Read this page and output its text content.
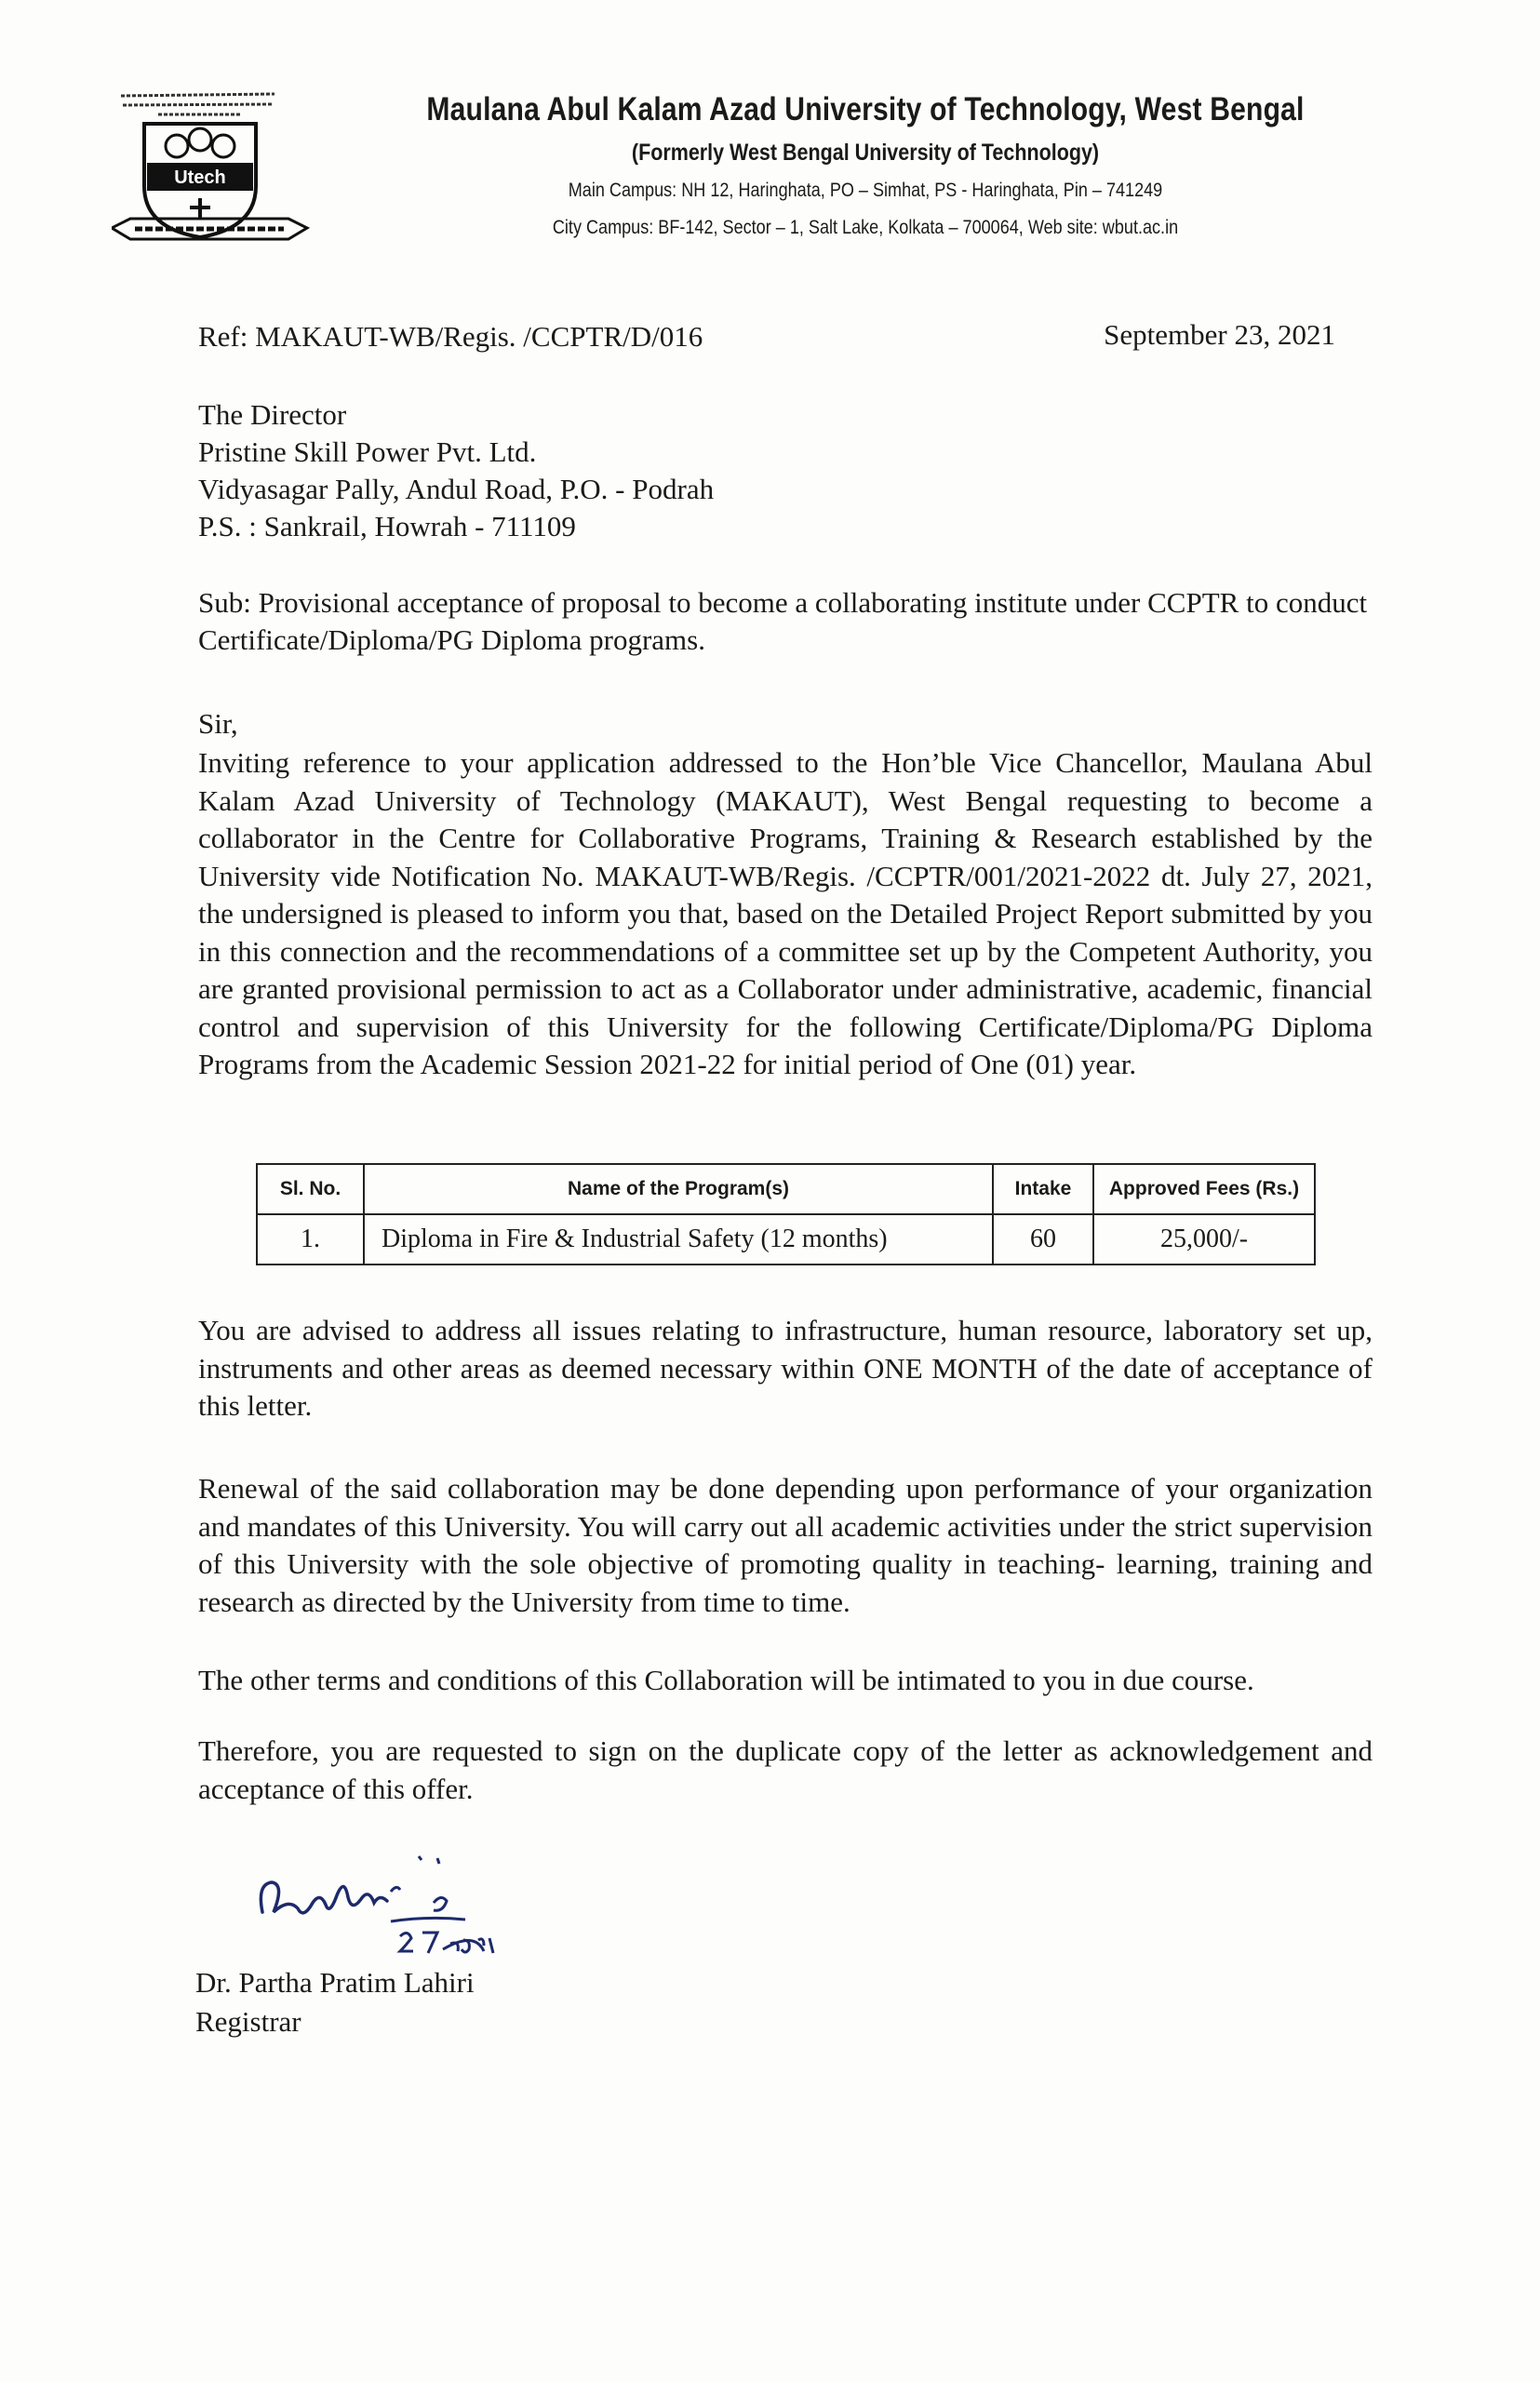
Utech
Maulana Abul Kalam Azad University of Technology, West Bengal
(Formerly West Bengal University of Technology)
Main Campus: NH 12, Haringhata, PO – Simhat, PS - Haringhata, Pin – 741249
City Campus: BF-142, Sector – 1, Salt Lake, Kolkata – 700064, Web site: wbut.ac.in
Ref: MAKAUT-WB/Regis. /CCPTR/D/016	September 23, 2021
The Director
Pristine Skill Power Pvt. Ltd.
Vidyasagar Pally, Andul Road, P.O. - Podrah
P.S. : Sankrail, Howrah - 711109
Sub: Provisional acceptance of proposal to become a collaborating institute under CCPTR to conduct Certificate/Diploma/PG Diploma programs.
Sir,
Inviting reference to your application addressed to the Hon’ble Vice Chancellor, Maulana Abul Kalam Azad University of Technology (MAKAUT), West Bengal requesting to become a collaborator in the Centre for Collaborative Programs, Training & Research established by the University vide Notification No. MAKAUT-WB/Regis. /CCPTR/001/2021-2022 dt. July 27, 2021, the undersigned is pleased to inform you that, based on the Detailed Project Report submitted by you in this connection and the recommendations of a committee set up by the Competent Authority, you are granted provisional permission to act as a Collaborator under administrative, academic, financial control and supervision of this University for the following Certificate/Diploma/PG Diploma Programs from the Academic Session 2021-22 for initial period of One (01) year.
Sl. No.	Name of the Program(s)	Intake	Approved Fees (Rs.)
1.	Diploma in Fire & Industrial Safety (12 months)	60	25,000/-
You are advised to address all issues relating to infrastructure, human resource, laboratory set up, instruments and other areas as deemed necessary within ONE MONTH of the date of acceptance of this letter.
Renewal of the said collaboration may be done depending upon performance of your organization and mandates of this University. You will carry out all academic activities under the strict supervision of this University with the sole objective of promoting quality in teaching- learning, training and research as directed by the University from time to time.
The other terms and conditions of this Collaboration will be intimated to you in due course.
Therefore, you are requested to sign on the duplicate copy of the letter as acknowledgement and acceptance of this offer.
Dr. Partha Pratim Lahiri
Registrar
